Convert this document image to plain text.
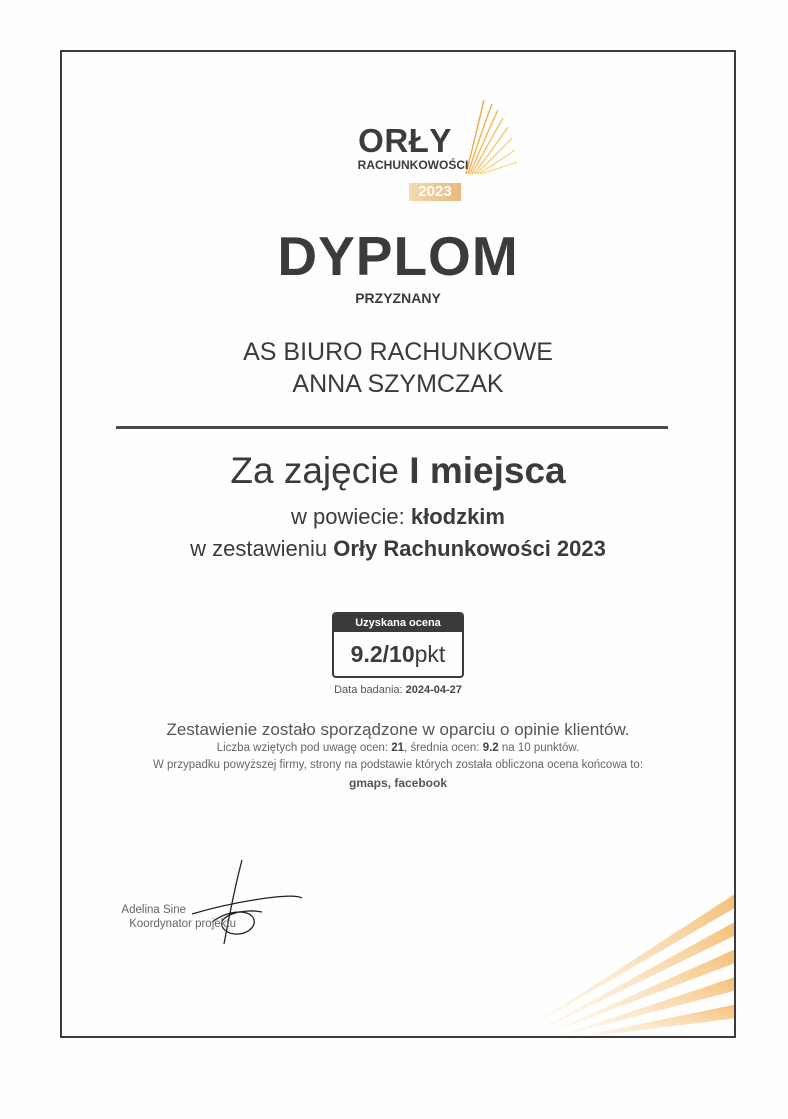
ORŁY
RACHUNKOWOŚCI
2023
DYPLOM
PRZYZNANY
AS BIURO RACHUNKOWE
ANNA SZYMCZAK
Za zajęcie I miejsca
w powiecie: kłodzkim
w zestawieniu Orły Rachunkowości 2023
Uzyskana ocena
9.2/10pkt
Data badania: 2024-04-27
Zestawienie zostało sporządzone w oparciu o opinie klientów.
Liczba wziętych pod uwagę ocen: 21, średnia ocen: 9.2 na 10 punktów.
W przypadku powyższej firmy, strony na podstawie których została obliczona ocena końcowa to:
gmaps, facebook
Adelina Sine
Koordynator projektu
